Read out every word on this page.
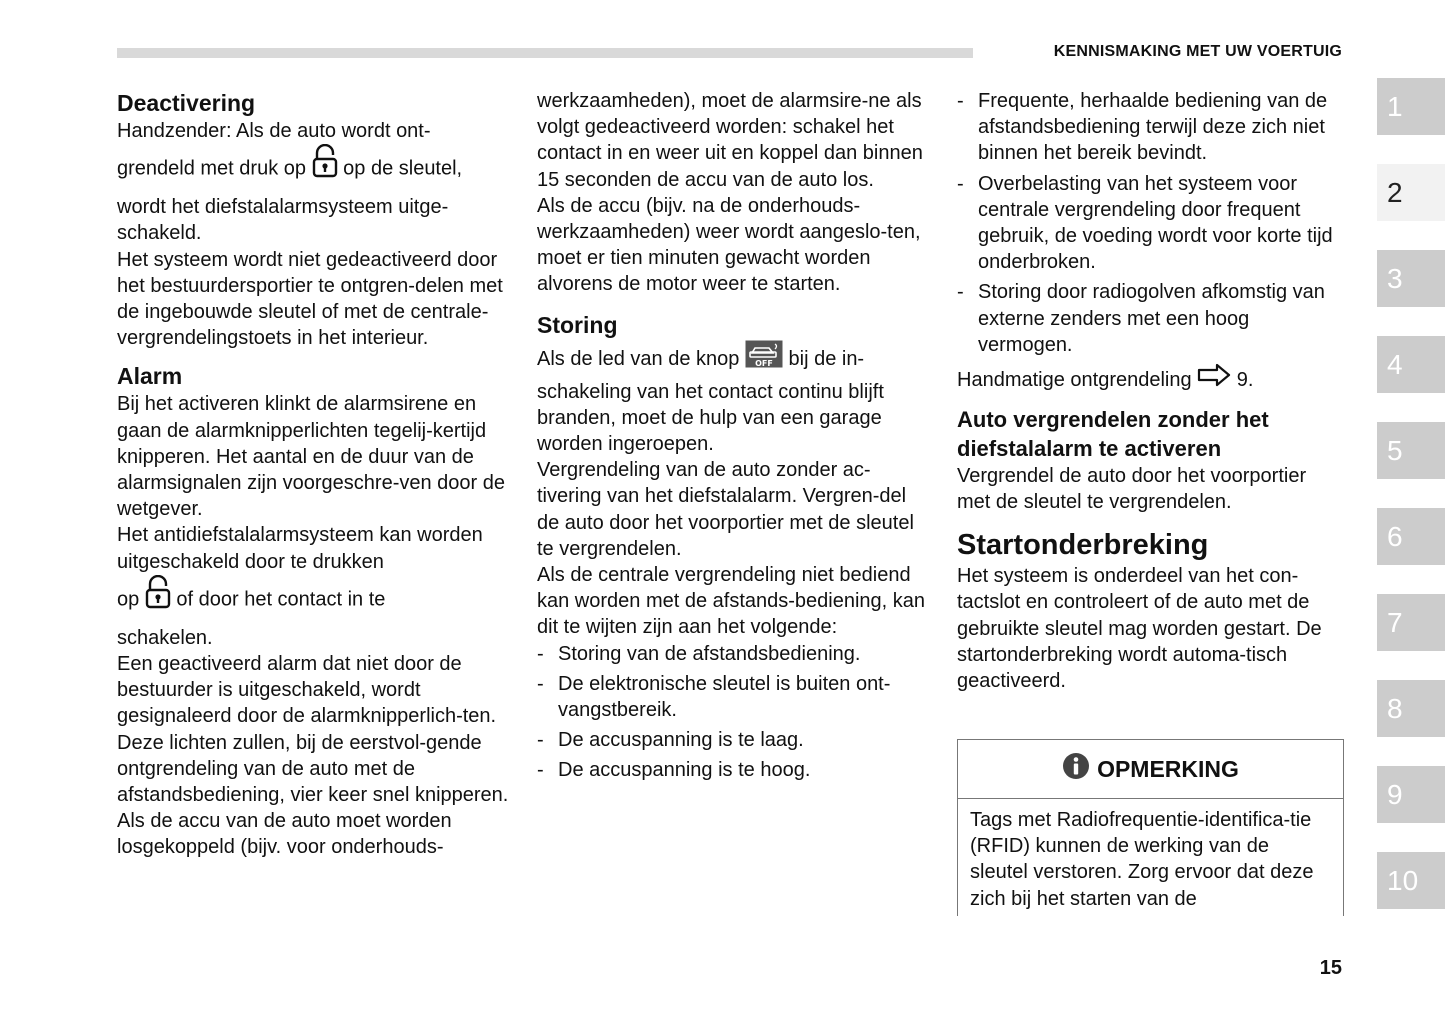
KENNISMAKING MET UW VOERTUIG
Deactivering

Handzender: Als de auto wordt ont-

grendeld met druk op op de sleutel,

wordt het diefstalalarmsysteem uitge-schakeld.

Het systeem wordt niet gedeactiveerd door het bestuurdersportier te ontgren-delen met de ingebouwde sleutel of met de centrale-vergrendelingstoets in het interieur.

Alarm

Bij het activeren klinkt de alarmsirene en gaan de alarmknipperlichten tegelij-kertijd knipperen. Het aantal en de duur van de alarmsignalen zijn voorgeschre-ven door de wetgever.

Het antidiefstalalarmsysteem kan worden uitgeschakeld door te drukken

op of door het contact in te

schakelen.

Een geactiveerd alarm dat niet door de bestuurder is uitgeschakeld, wordt gesignaleerd door de alarmknipperlich-ten. Deze lichten zullen, bij de eerstvol-gende ontgrendeling van de auto met de afstandsbediening, vier keer snel knipperen.

Als de accu van de auto moet worden losgekoppeld (bijv. voor onderhouds-

werkzaamheden), moet de alarmsire-ne als volgt gedeactiveerd worden: schakel het contact in en weer uit en koppel dan binnen 15 seconden de accu van de auto los.

Als de accu (bijv. na de onderhouds-werkzaamheden) weer wordt aangeslo-ten, moet er tien minuten gewacht worden alvorens de motor weer te starten.

Storing

Als de led van de knop OFF bij de in-

schakeling van het contact continu blijft branden, moet de hulp van een garage worden ingeroepen.

Vergrendeling van de auto zonder ac-tivering van het diefstalalarm. Vergren-del de auto door het voorportier met de sleutel te vergrendelen.

Als de centrale vergrendeling niet bediend kan worden met de afstands-bediening, kan dit te wijten zijn aan het volgende:

- Storing van de afstandsbediening.
- De elektronische sleutel is buiten ont-vangstbereik.
- De accuspanning is te laag.
- De accuspanning is te hoog.
- Frequente, herhaalde bediening van de afstandsbediening terwijl deze zich niet binnen het bereik bevindt.
- Overbelasting van het systeem voor centrale vergrendeling door frequent gebruik, de voeding wordt voor korte tijd onderbroken.
- Storing door radiogolven afkomstig van externe zenders met een hoog vermogen.

Handmatige ontgrendeling 9.

Auto vergrendelen zonder het diefstalalarm te activeren

Vergrendel de auto door het voorportier met de sleutel te vergrendelen.

Startonderbreking

Het systeem is onderdeel van het con-tactslot en controleert of de auto met de gebruikte sleutel mag worden gestart. De startonderbreking wordt automa-tisch geactiveerd.

OPMERKING
Tags met Radiofrequentie-identifica-tie (RFID) kunnen de werking van de sleutel verstoren. Zorg ervoor dat deze zich bij het starten van de
1
2
3
4
5
6
7
8
9
10
15
